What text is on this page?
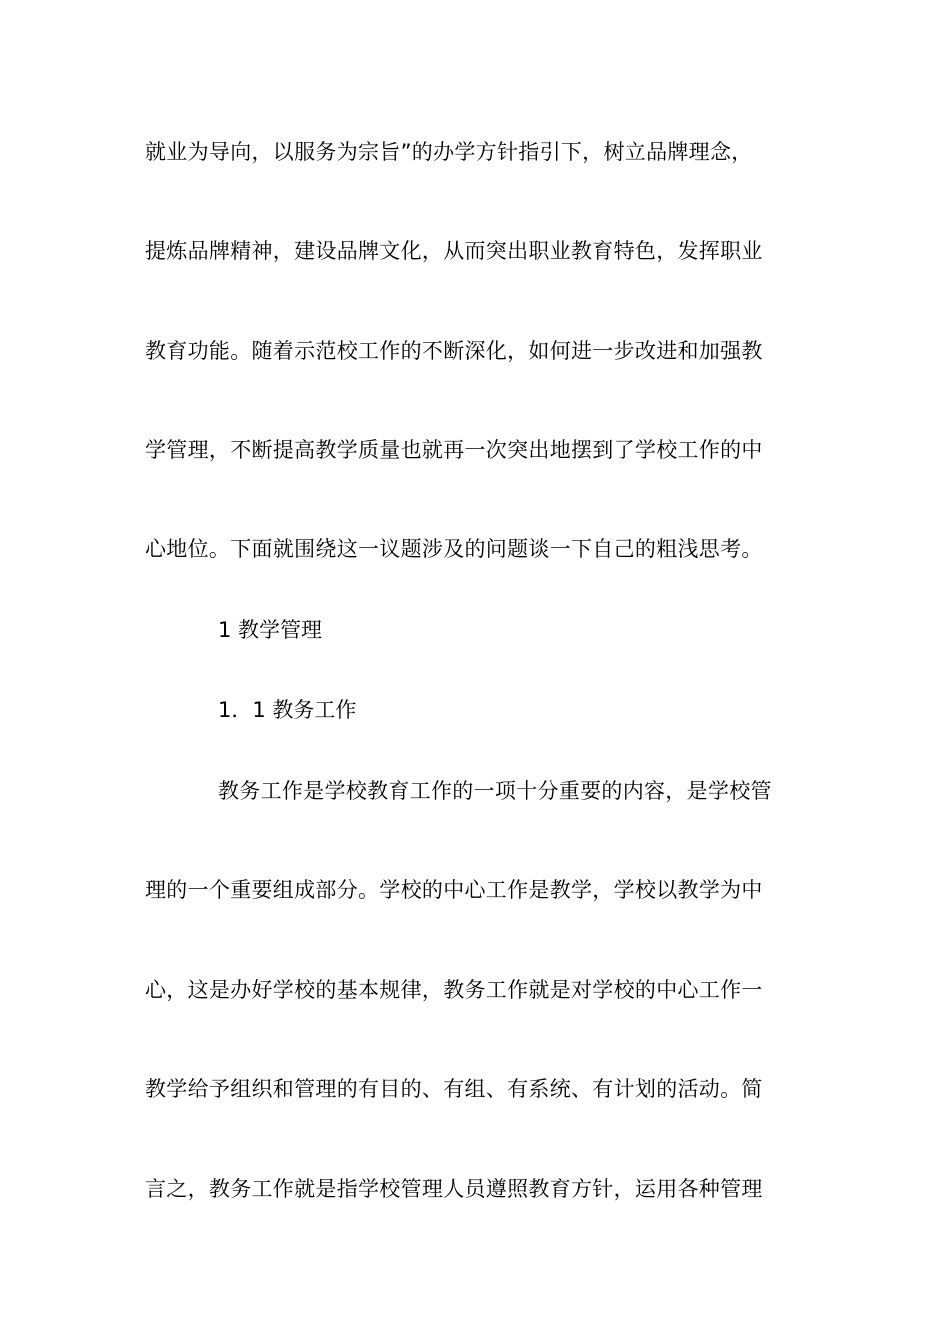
就业为导向，以服务为宗旨”的办学方针指引下，树立品牌理念，
提炼品牌精神，建设品牌文化，从而突出职业教育特色，发挥职业
教育功能。随着示范校工作的不断深化，如何进一步改进和加强教
学管理，不断提高教学质量也就再一次突出地摆到了学校工作的中
心地位。下面就围绕这一议题涉及的问题谈一下自己的粗浅思考。
1 教学管理
1．1 教务工作
教务工作是学校教育工作的一项十分重要的内容，是学校管
理的一个重要组成部分。学校的中心工作是教学，学校以教学为中
心，这是办好学校的基本规律，教务工作就是对学校的中心工作一
教学给予组织和管理的有目的、有组、有系统、有计划的活动。简
言之，教务工作就是指学校管理人员遵照教育方针，运用各种管理
